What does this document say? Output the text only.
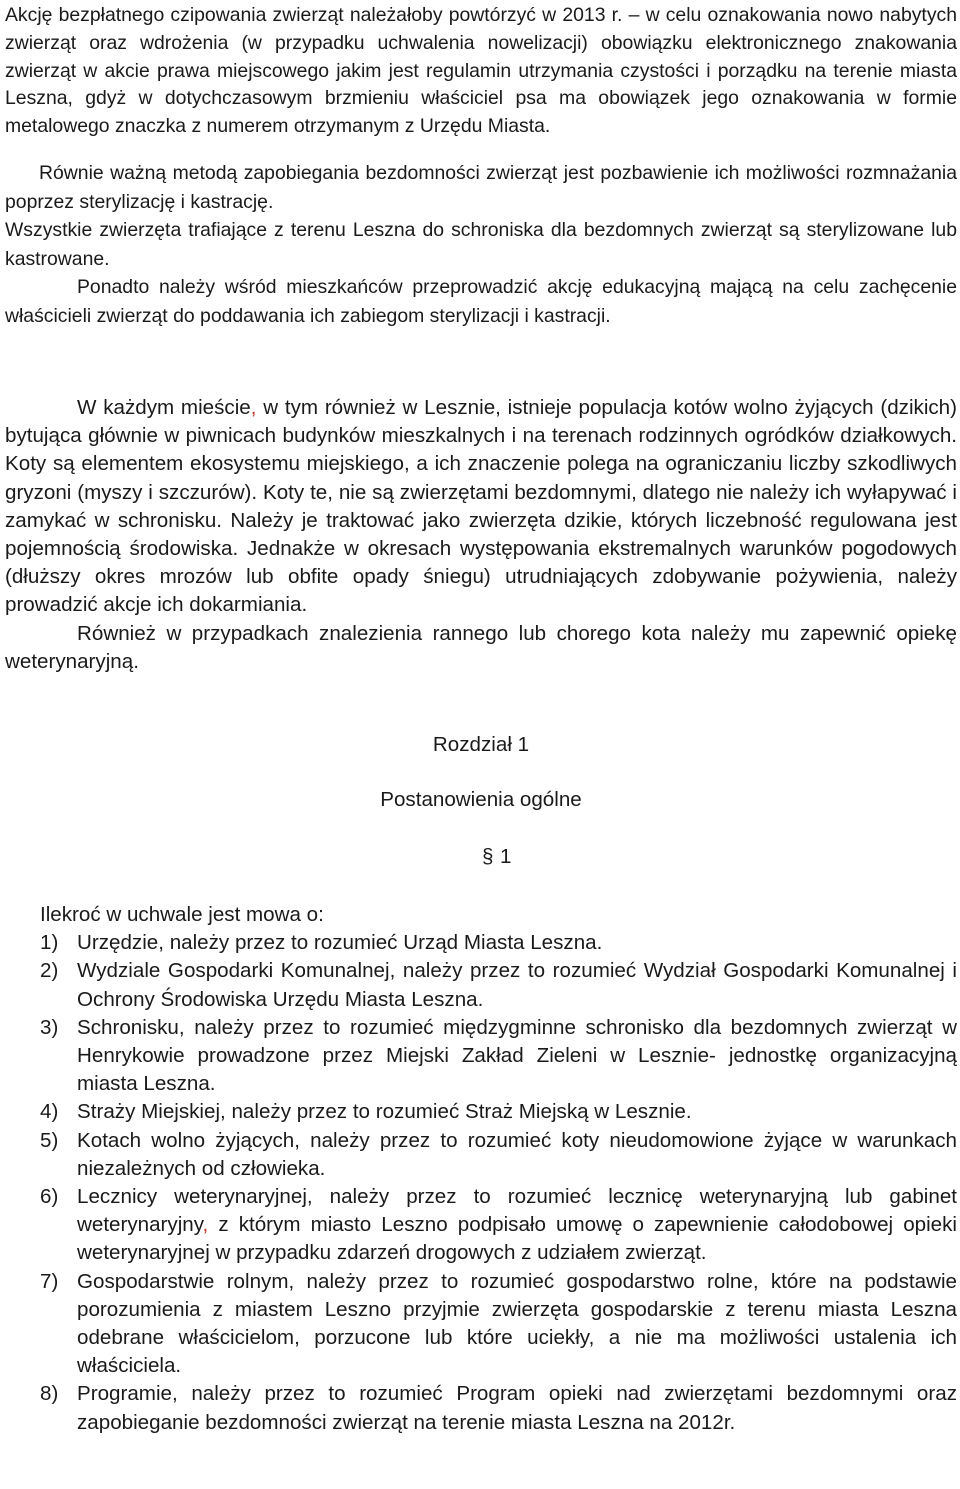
Akcję bezpłatnego czipowania zwierząt należałoby powtórzyć w 2013 r. – w celu oznakowania nowo nabytych zwierząt oraz wdrożenia (w przypadku uchwalenia nowelizacji) obowiązku elektronicznego znakowania zwierząt w akcie prawa miejscowego jakim jest regulamin utrzymania czystości i porządku na terenie miasta Leszna, gdyż w dotychczasowym brzmieniu właściciel psa ma obowiązek jego oznakowania w formie metalowego znaczka z numerem otrzymanym z Urzędu Miasta.

Równie ważną metodą zapobiegania bezdomności zwierząt jest pozbawienie ich możliwości rozmnażania poprzez sterylizację i kastrację.

Wszystkie zwierzęta trafiające z terenu Leszna do schroniska dla bezdomnych zwierząt są sterylizowane lub kastrowane.

Ponadto należy wśród mieszkańców przeprowadzić akcję edukacyjną mającą na celu zachęcenie właścicieli zwierząt do poddawania ich zabiegom sterylizacji i kastracji.

W każdym mieście, w tym również w Lesznie, istnieje populacja kotów wolno żyjących (dzikich) bytująca głównie w piwnicach budynków mieszkalnych i na terenach rodzinnych ogródków działkowych. Koty są elementem ekosystemu miejskiego, a ich znaczenie polega na ograniczaniu liczby szkodliwych gryzoni (myszy i szczurów). Koty te, nie są zwierzętami bezdomnymi, dlatego nie należy ich wyłapywać i zamykać w schronisku. Należy je traktować jako zwierzęta dzikie, których liczebność regulowana jest pojemnością środowiska. Jednakże w okresach występowania ekstremalnych warunków pogodowych (dłuższy okres mrozów lub obfite opady śniegu) utrudniających zdobywanie pożywienia, należy prowadzić akcje ich dokarmiania.

Również w przypadkach znalezienia rannego lub chorego kota należy mu zapewnić opiekę weterynaryjną.

Rozdział 1
Postanowienia ogólne
§ 1
Ilekroć w uchwale jest mowa o:
1) Urzędzie, należy przez to rozumieć Urząd Miasta Leszna.
2) Wydziale Gospodarki Komunalnej, należy przez to rozumieć Wydział Gospodarki Komunalnej i Ochrony Środowiska Urzędu Miasta Leszna.
3) Schronisku, należy przez to rozumieć międzygminne schronisko dla bezdomnych zwierząt w Henrykowie prowadzone przez Miejski Zakład Zieleni w Lesznie- jednostkę organizacyjną miasta Leszna.
4) Straży Miejskiej, należy przez to rozumieć Straż Miejską w Lesznie.
5) Kotach wolno żyjących, należy przez to rozumieć koty nieudomowione żyjące w warunkach niezależnych od człowieka.
6) Lecznicy weterynaryjnej, należy przez to rozumieć lecznicę weterynaryjną lub gabinet weterynaryjny, z którym miasto Leszno podpisało umowę o zapewnienie całodobowej opieki weterynaryjnej w przypadku zdarzeń drogowych z udziałem zwierząt.
7) Gospodarstwie rolnym, należy przez to rozumieć gospodarstwo rolne, które na podstawie porozumienia z miastem Leszno przyjmie zwierzęta gospodarskie z terenu miasta Leszna odebrane właścicielom, porzucone lub które uciekły, a nie ma możliwości ustalenia ich właściciela.
8) Programie, należy przez to rozumieć Program opieki nad zwierzętami bezdomnymi oraz zapobieganie bezdomności zwierząt na terenie miasta Leszna na 2012r.
